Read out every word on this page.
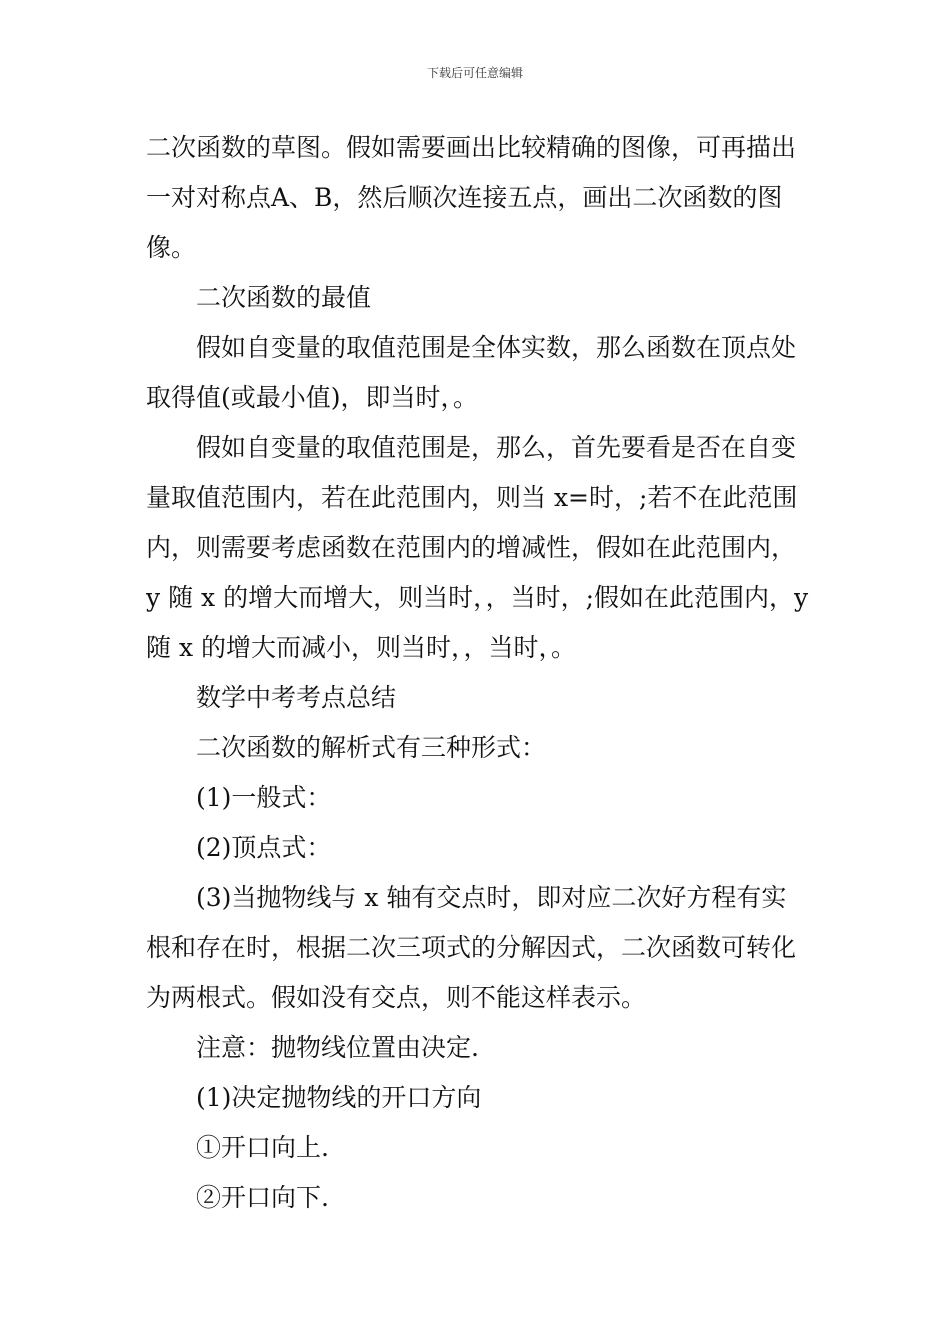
下载后可任意编辑

二次函数的草图。假如需要画出比较精确的图像，可再描出一对对称点A、B，然后顺次连接五点，画出二次函数的图像。

二次函数的最值

假如自变量的取值范围是全体实数，那么函数在顶点处取得值(或最小值)，即当时，。

假如自变量的取值范围是，那么，首先要看是否在自变量取值范围内，若在此范围内，则当 x=时，;若不在此范围内，则需要考虑函数在范围内的增减性，假如在此范围内，y 随 x 的增大而增大，则当时，，当时，;假如在此范围内，y 随 x 的增大而减小，则当时，，当时，。

数学中考考点总结

二次函数的解析式有三种形式：

(1)一般式：

(2)顶点式：

(3)当抛物线与 x 轴有交点时，即对应二次好方程有实根和存在时，根据二次三项式的分解因式，二次函数可转化为两根式。假如没有交点，则不能这样表示。

注意：抛物线位置由决定.

(1)决定抛物线的开口方向

①开口向上.

②开口向下.
